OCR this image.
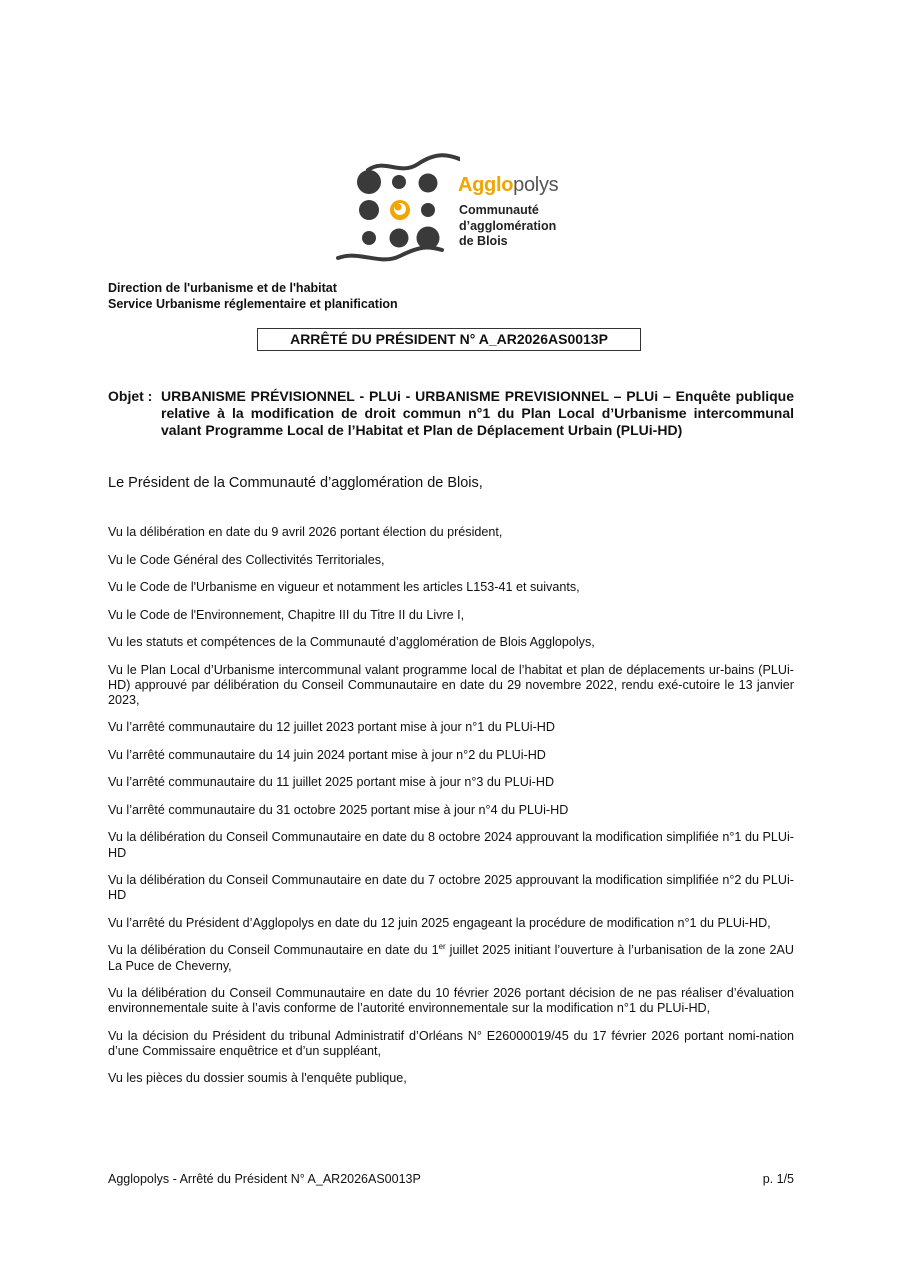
Agglopolys
Communauté
d’agglomération
de Blois
Direction de l'urbanisme et de l'habitat
Service Urbanisme réglementaire et planification
ARRÊTÉ DU PRÉSIDENT N° A_AR2026AS0013P
Objet : URBANISME PRÉVISIONNEL - PLUi - URBANISME PREVISIONNEL – PLUi – Enquête publique relative à la modification de droit commun n°1 du Plan Local d’Urbanisme intercommunal valant Programme Local de l’Habitat et Plan de Déplacement Urbain (PLUi-HD)
Le Président de la Communauté d’agglomération de Blois,
Vu la délibération en date du 9 avril 2026 portant élection du président,
Vu le Code Général des Collectivités Territoriales,
Vu le Code de l'Urbanisme en vigueur et notamment les articles L153-41 et suivants,
Vu le Code de l'Environnement, Chapitre III du Titre II du Livre I,
Vu les statuts et compétences de la Communauté d’agglomération de Blois Agglopolys,
Vu le Plan Local d’Urbanisme intercommunal valant programme local de l’habitat et plan de déplacements ur-bains (PLUi-HD) approuvé par délibération du Conseil Communautaire en date du 29 novembre 2022, rendu exé-cutoire le 13 janvier 2023,
Vu l’arrêté communautaire du 12 juillet 2023 portant mise à jour n°1 du PLUi-HD
Vu l’arrêté communautaire du 14 juin 2024 portant mise à jour n°2 du PLUi-HD
Vu l’arrêté communautaire du 11 juillet 2025 portant mise à jour n°3 du PLUi-HD
Vu l’arrêté communautaire du 31 octobre 2025 portant mise à jour n°4 du PLUi-HD
Vu la délibération du Conseil Communautaire en date du 8 octobre 2024 approuvant la modification simplifiée n°1 du PLUi-HD
Vu la délibération du Conseil Communautaire en date du 7 octobre 2025 approuvant la modification simplifiée n°2 du PLUi-HD
Vu l’arrêté du Président d’Agglopolys en date du 12 juin 2025 engageant la procédure de modification n°1 du PLUi-HD,
Vu la délibération du Conseil Communautaire en date du 1er juillet 2025 initiant l’ouverture à l’urbanisation de la zone 2AU La Puce de Cheverny,
Vu la délibération du Conseil Communautaire en date du 10 février 2026 portant décision de ne pas réaliser d’évaluation environnementale suite à l’avis conforme de l’autorité environnementale sur la modification n°1 du PLUi-HD,
Vu la décision du Président du tribunal Administratif d’Orléans N° E26000019/45 du 17 février 2026 portant nomi-nation d’une Commissaire enquêtrice et d’un suppléant,
Vu les pièces du dossier soumis à l'enquête publique,
Agglopolys - Arrêté du Président N° A_AR2026AS0013P	p. 1/5
